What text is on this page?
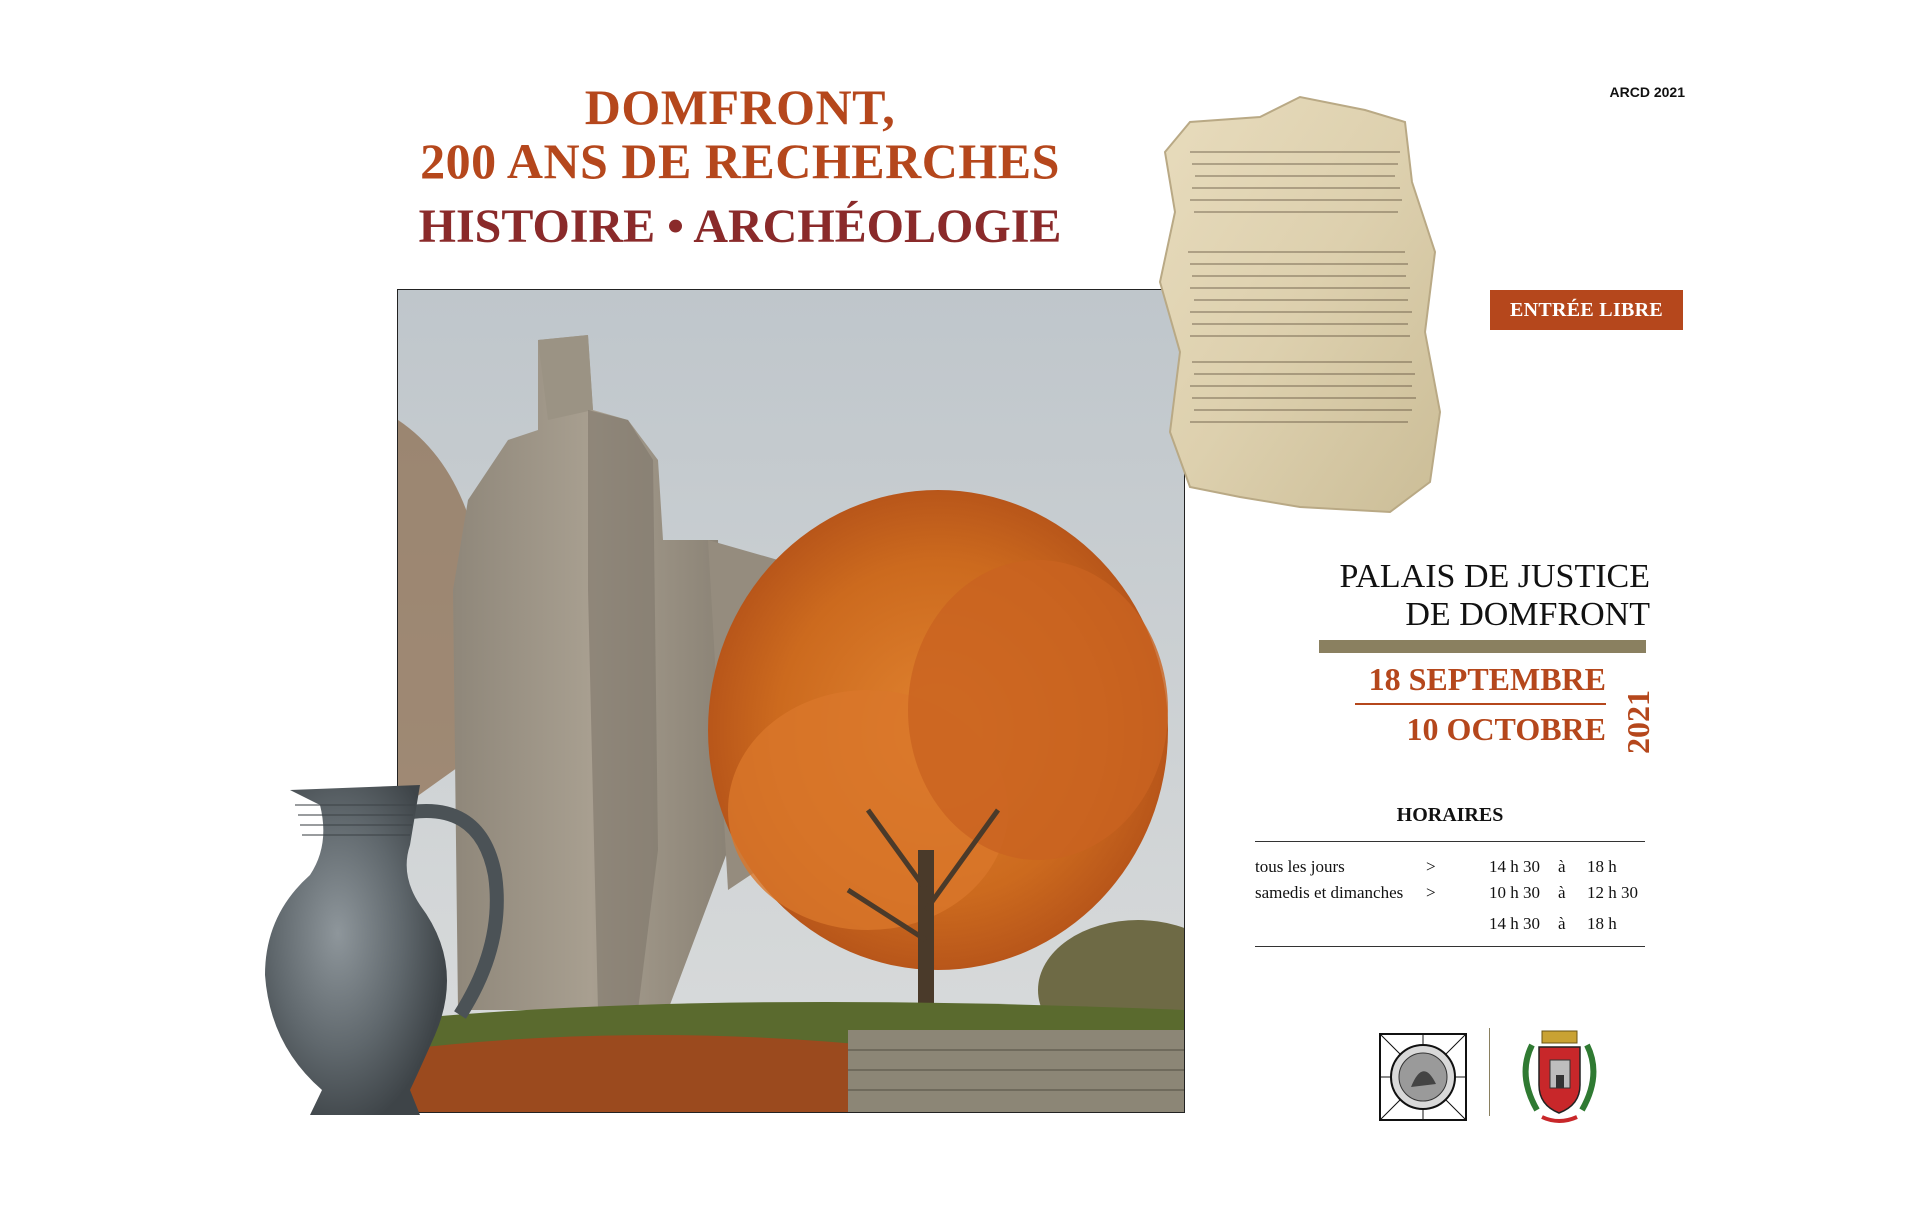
ARCD 2021
DOMFRONT,
200 ANS DE RECHERCHES
HISTOIRE • ARCHÉOLOGIE
ENTRÉE LIBRE
PALAIS DE JUSTICE
DE DOMFRONT
18 SEPTEMBRE
10 OCTOBRE 2021
HORAIRES
tous les jours	>	14 h 30 à 18 h
samedis et dimanches >	10 h 30 à 12 h 30
14 h 30 à 18 h
